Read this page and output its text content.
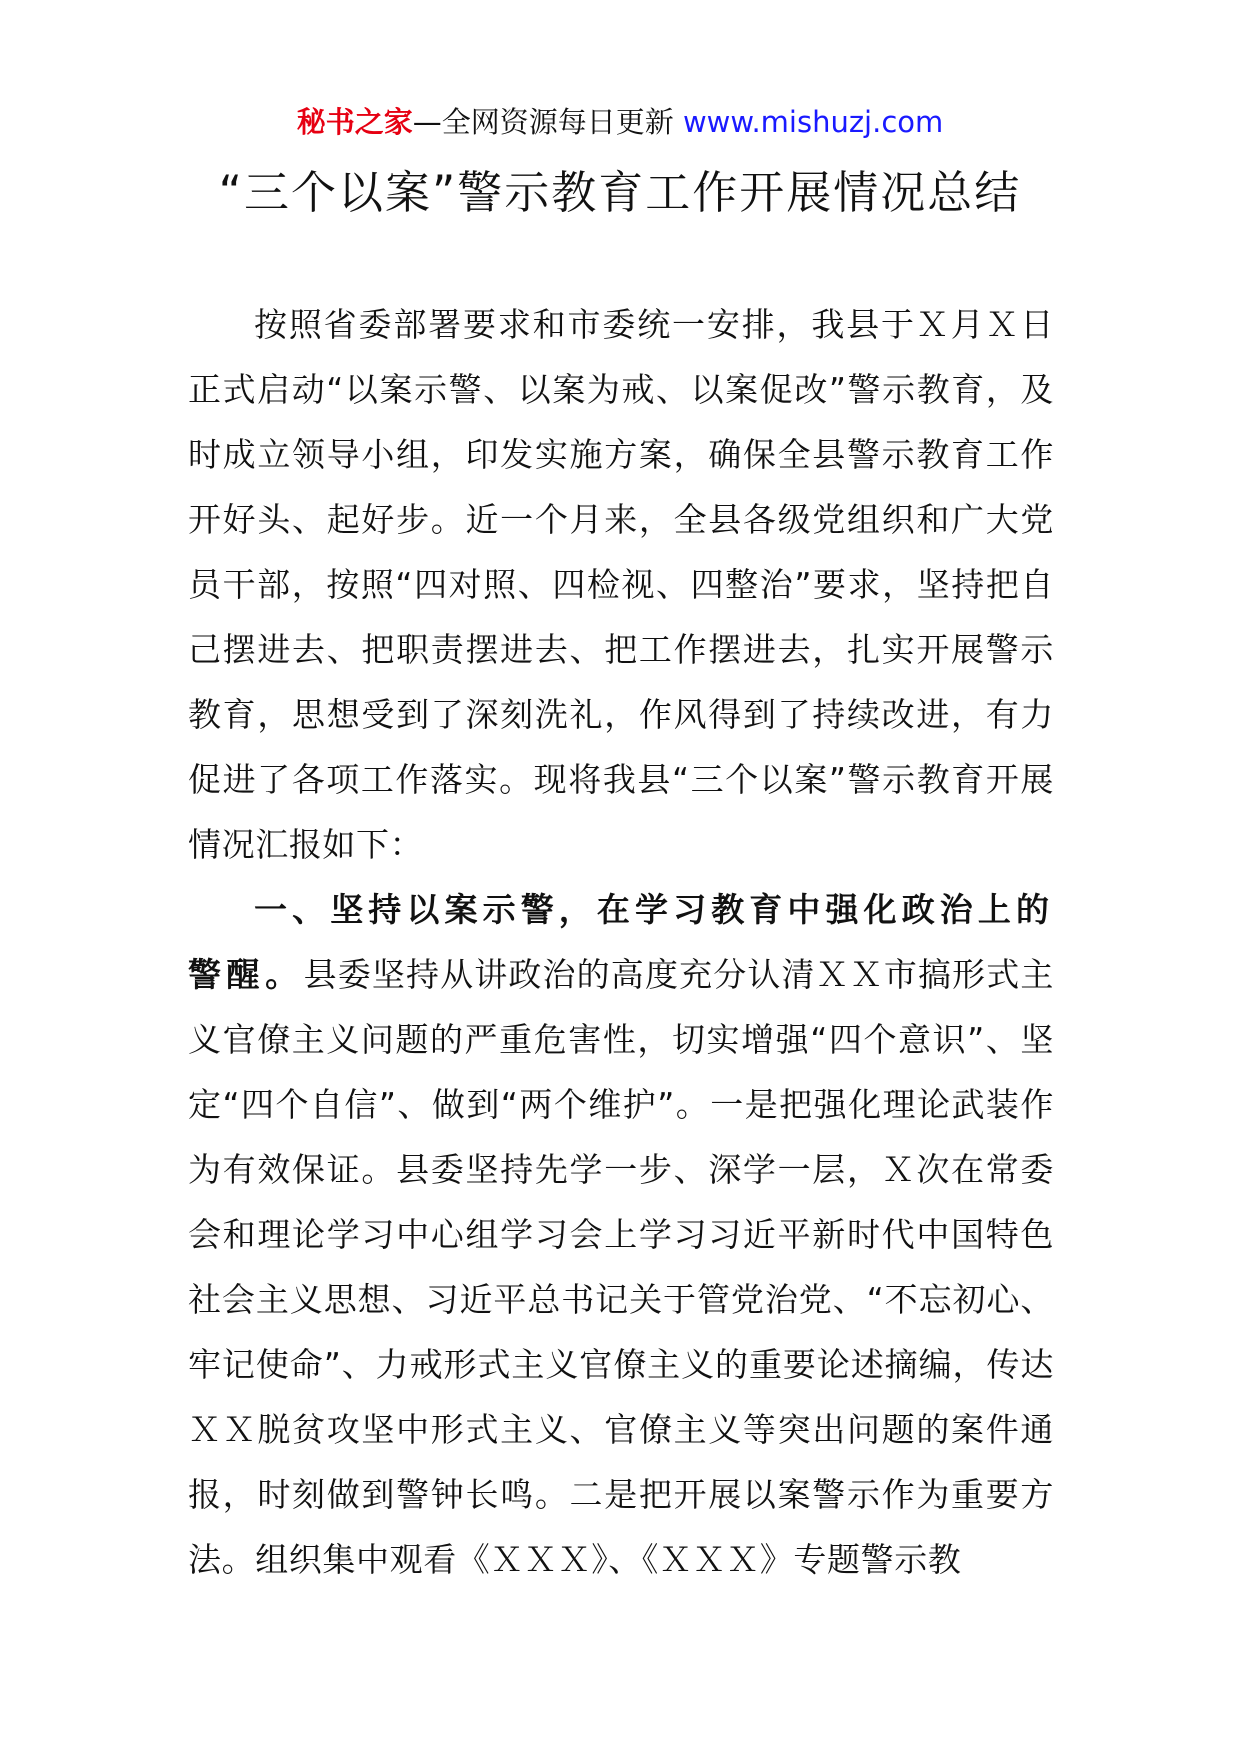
秘书之家—全网资源每日更新 www.mishuzj.com
“三个以案”警示教育工作开展情况总结

按照省委部署要求和市委统一安排，我县于Ｘ月Ｘ日正式启动“以案示警、以案为戒、以案促改”警示教育，及时成立领导小组，印发实施方案，确保全县警示教育工作开好头、起好步。近一个月来，全县各级党组织和广大党员干部，按照“四对照、四检视、四整治”要求，坚持把自己摆进去、把职责摆进去、把工作摆进去，扎实开展警示教育，思想受到了深刻洗礼，作风得到了持续改进，有力促进了各项工作落实。现将我县“三个以案”警示教育开展情况汇报如下：

一、坚持以案示警，在学习教育中强化政治上的警醒。县委坚持从讲政治的高度充分认清ＸＸ市搞形式主义官僚主义问题的严重危害性，切实增强“四个意识”、坚定“四个自信”、做到“两个维护”。一是把强化理论武装作为有效保证。县委坚持先学一步、深学一层，Ｘ次在常委会和理论学习中心组学习会上学习习近平新时代中国特色社会主义思想、习近平总书记关于管党治党、“不忘初心、牢记使命”、力戒形式主义官僚主义的重要论述摘编，传达ＸＸ脱贫攻坚中形式主义、官僚主义等突出问题的案件通报，时刻做到警钟长鸣。二是把开展以案警示作为重要方法。组织集中观看《ＸＸＸ》、《ＸＸＸ》专题警示教
